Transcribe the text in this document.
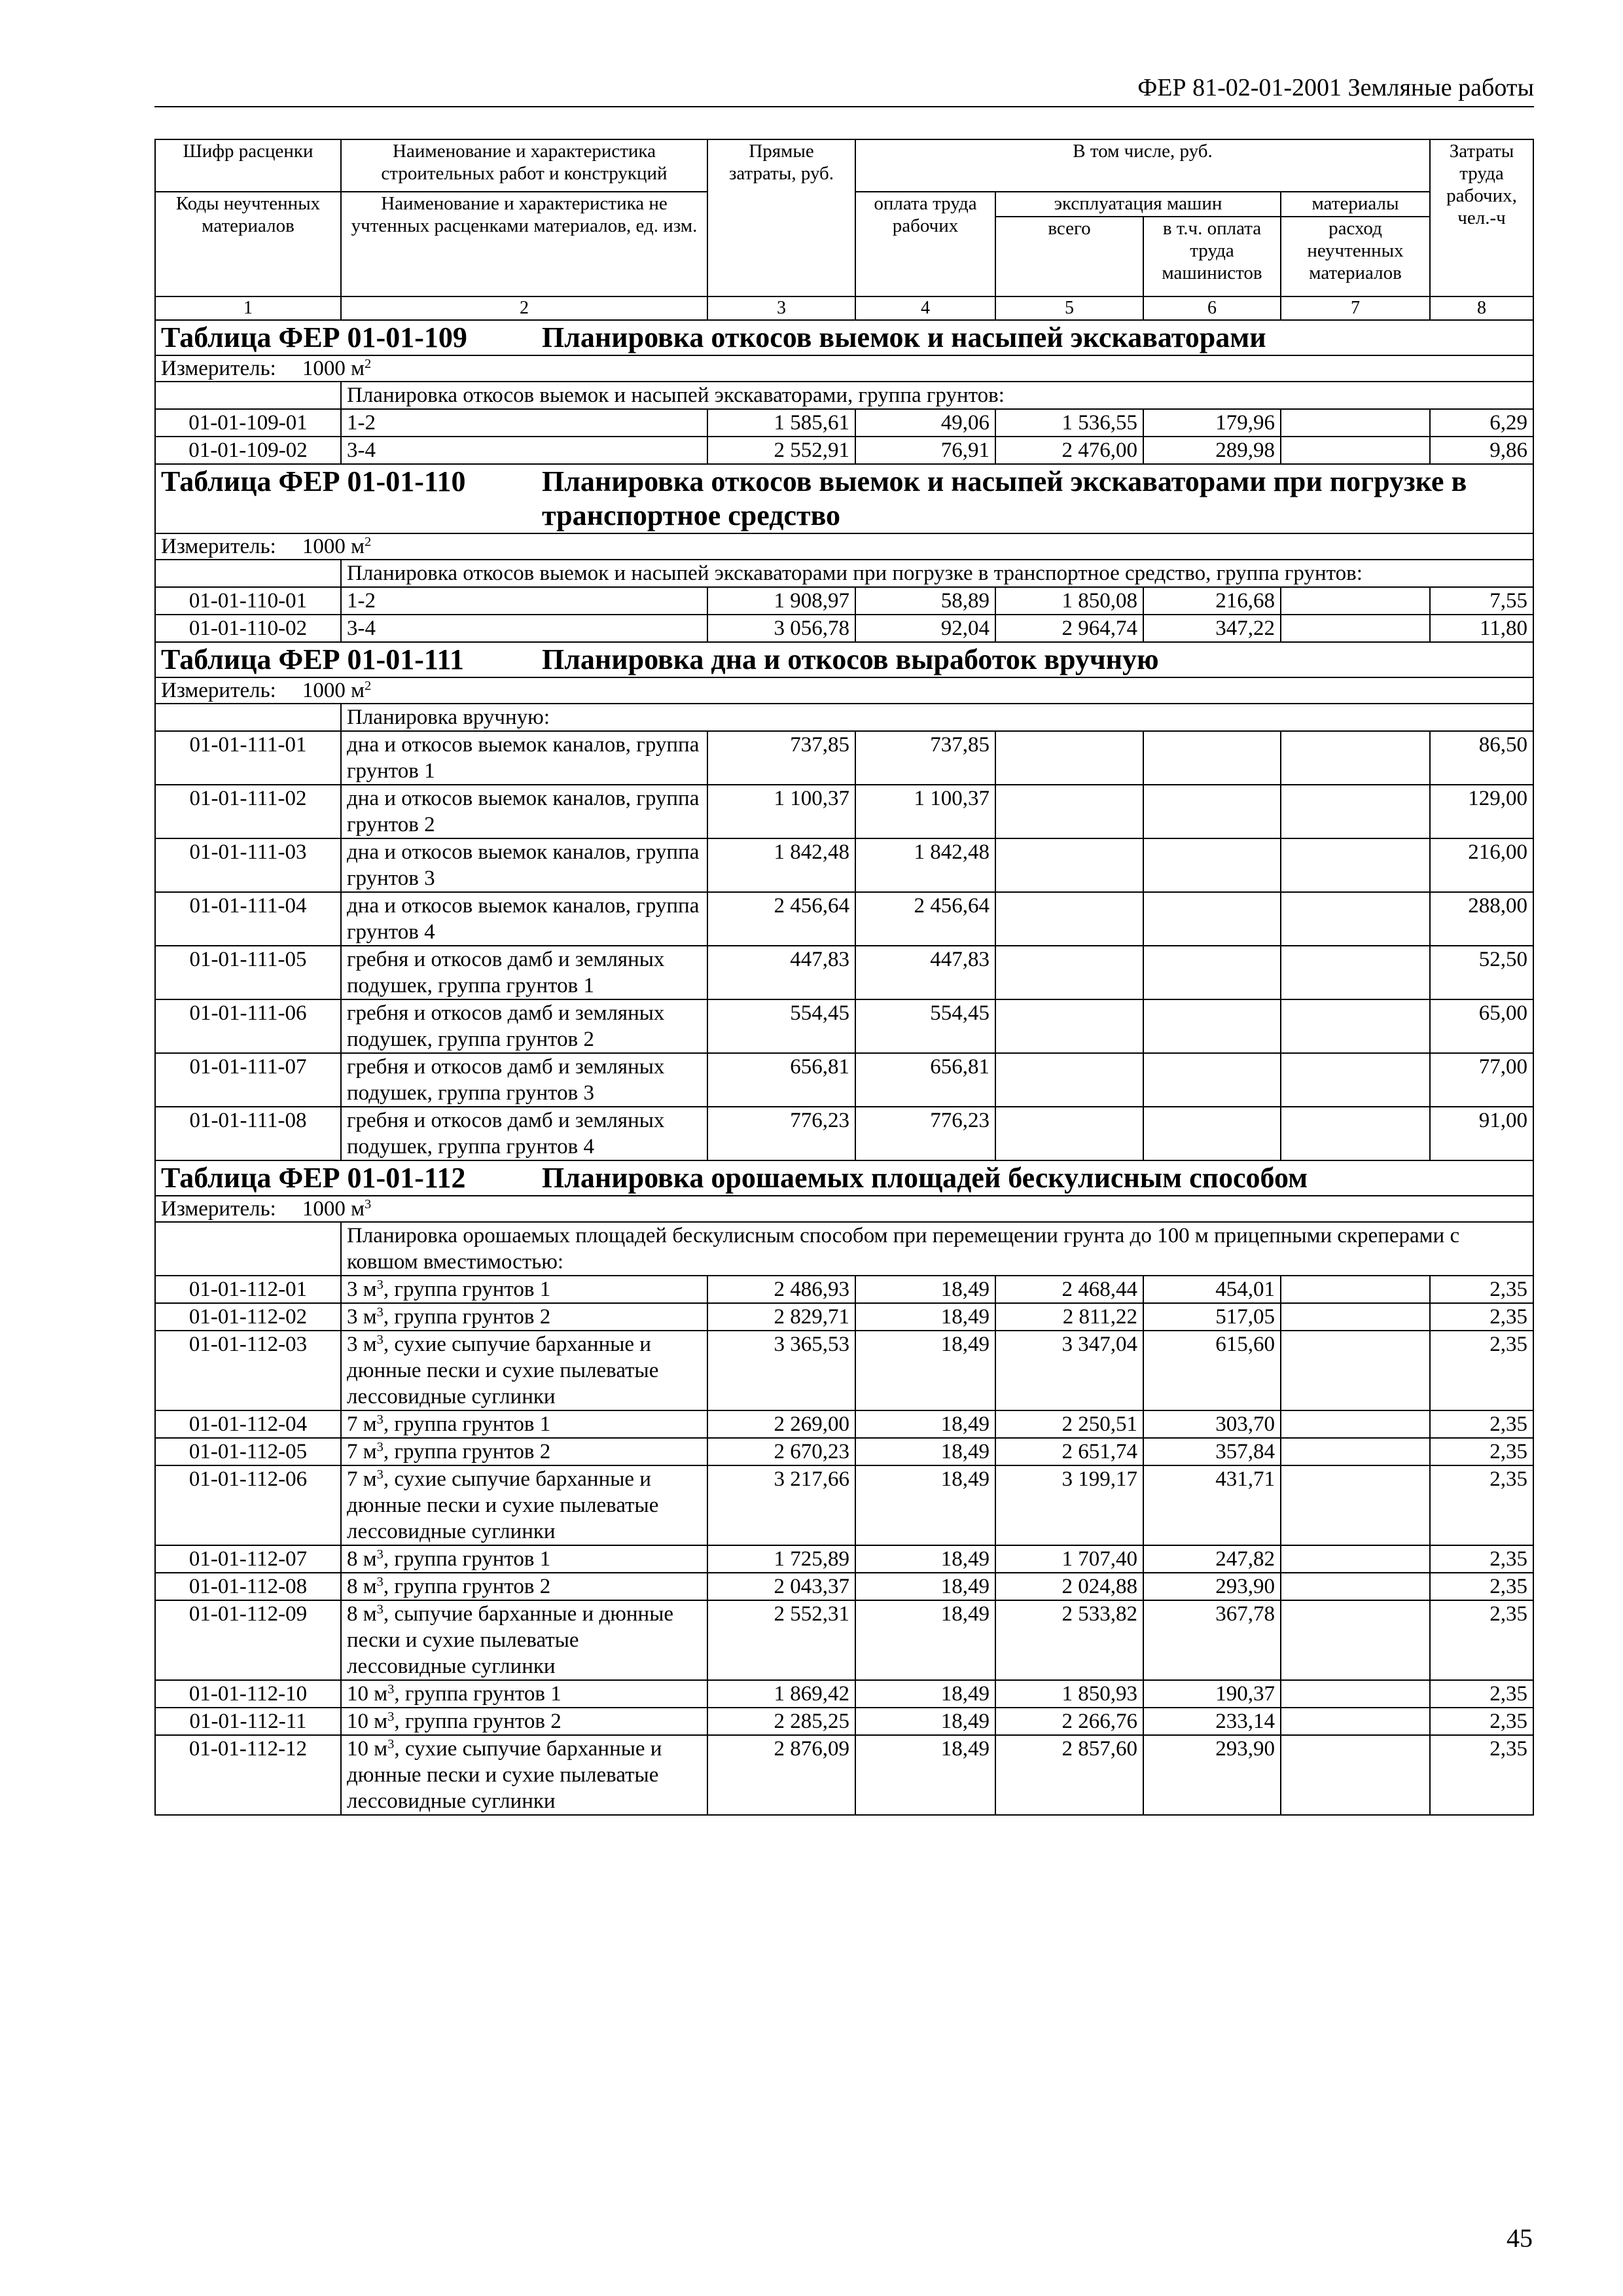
ФЕР 81-02-01-2001 Земляные работы
Шифр расценки	Наименование и характеристика строительных работ и конструкций	Прямые затраты, руб.	В том числе, руб.				Затраты труда рабочих, чел.-ч
Коды неучтенных материалов	Наименование и характеристика не учтенных расценками материалов, ед. изм.		оплата труда рабочих	эксплуатация машин		материалы	
				всего	в т.ч. оплата труда машинистов	расход неучтенных материалов	
1	2	3	4	5	6	7	8
Таблица ФЕР 01-01-109 Планировка откосов выемок и насыпей экскаваторами							
Измеритель: 1000 $м^2$
	Планировка откосов выемок и насыпей экскаваторами, группа грунтов:						
01-01-109-01	1-2	1 585,61	49,06	1 536,55	179,96		6,29
01-01-109-02	3-4	2 552,91	76,91	2 476,00	289,98		9,86
Таблица ФЕР 01-01-110 Планировка откосов выемок и насыпей экскаваторами при погрузке в транспортное средство							
Измеритель: 1000 $м^2$
	Планировка откосов выемок и насыпей экскаваторами при погрузке в транспортное средство, группа грунтов:						
01-01-110-01	1-2	1 908,97	58,89	1 850,08	216,68		7,55
01-01-110-02	3-4	3 056,78	92,04	2 964,74	347,22		11,80
Таблица ФЕР 01-01-111 Планировка дна и откосов выработок вручную							
Измеритель: 1000 $м^2$
	Планировка вручную:						
01-01-111-01	дна и откосов выемок каналов, группа грунтов 1	737,85	737,85				86,50
01-01-111-02	дна и откосов выемок каналов, группа грунтов 2	1 100,37	1 100,37				129,00
01-01-111-03	дна и откосов выемок каналов, группа грунтов 3	1 842,48	1 842,48				216,00
01-01-111-04	дна и откосов выемок каналов, группа грунтов 4	2 456,64	2 456,64				288,00
01-01-111-05	гребня и откосов дамб и земляных подушек, группа грунтов 1	447,83	447,83				52,50
01-01-111-06	гребня и откосов дамб и земляных подушек, группа грунтов 2	554,45	554,45				65,00
01-01-111-07	гребня и откосов дамб и земляных подушек, группа грунтов 3	656,81	656,81				77,00
01-01-111-08	гребня и откосов дамб и земляных подушек, группа грунтов 4	776,23	776,23				91,00
Таблица ФЕР 01-01-112 Планировка орошаемых площадей бескулисным способом							
Измеритель: 1000 $м^3$
	Планировка орошаемых площадей бескулисным способом при перемещении грунта до 100 м прицепными скреперами с ковшом вместимостью:						
01-01-112-01	3 $м^3$, группа грунтов 1	2 486,93	18,49	2 468,44	454,01		2,35
01-01-112-02	3 $м^3$, группа грунтов 2	2 829,71	18,49	2 811,22	517,05		2,35
01-01-112-03	3 $м^3$, сухие сыпучие барханные и дюнные пески и сухие пылеватые лессовидные суглинки	3 365,53	18,49	3 347,04	615,60		2,35
01-01-112-04	7 $м^3$, группа грунтов 1	2 269,00	18,49	2 250,51	303,70		2,35
01-01-112-05	7 $м^3$, группа грунтов 2	2 670,23	18,49	2 651,74	357,84		2,35
01-01-112-06	7 $м^3$, сухие сыпучие барханные и дюнные пески и сухие пылеватые лессовидные суглинки	3 217,66	18,49	3 199,17	431,71		2,35
01-01-112-07	8 $м^3$, группа грунтов 1	1 725,89	18,49	1 707,40	247,82		2,35
01-01-112-08	8 $м^3$, группа грунтов 2	2 043,37	18,49	2 024,88	293,90		2,35
01-01-112-09	8 $м^3$, сыпучие барханные и дюнные пески и сухие пылеватые лессовидные суглинки	2 552,31	18,49	2 533,82	367,78		2,35
01-01-112-10	10 $м^3$, группа грунтов 1	1 869,42	18,49	1 850,93	190,37		2,35
01-01-112-11	10 $м^3$, группа грунтов 2	2 285,25	18,49	2 266,76	233,14		2,35
01-01-112-12	10 $м^3$, сухие сыпучие барханные и дюнные пески и сухие пылеватые лессовидные суглинки	2 876,09	18,49	2 857,60	293,90		2,35
45
